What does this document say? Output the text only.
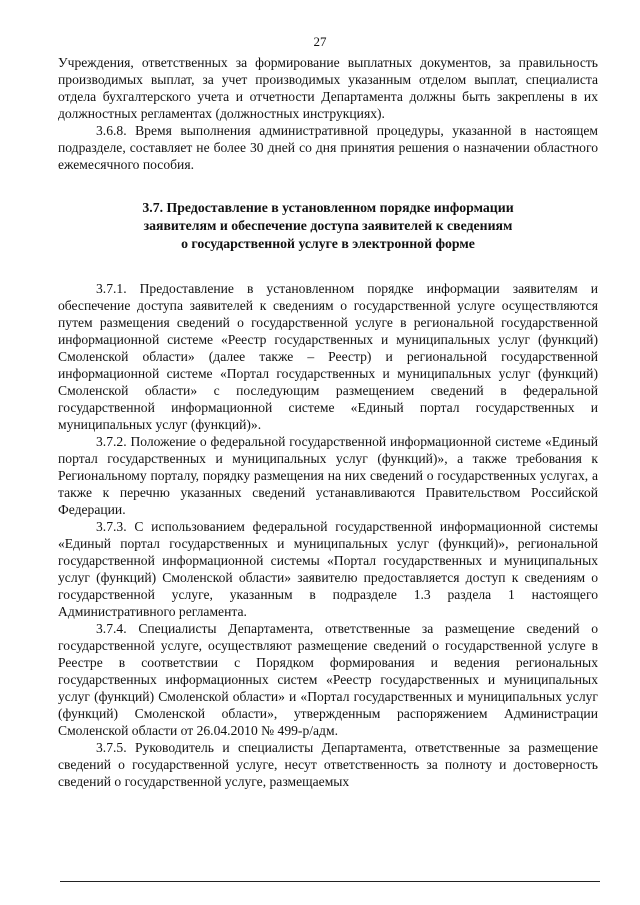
27

Учреждения, ответственных за формирование выплатных документов, за правильность производимых выплат, за учет производимых указанным отделом выплат, специалиста отдела бухгалтерского учета и отчетности Департамента должны быть закреплены в их должностных регламентах (должностных инструкциях).

3.6.8. Время выполнения административной процедуры, указанной в настоящем подразделе, составляет не более 30 дней со дня принятия решения о назначении областного ежемесячного пособия.

3.7. Предоставление в установленном порядке информации
заявителям и обеспечение доступа заявителей к сведениям
о государственной услуге в электронной форме

3.7.1. Предоставление в установленном порядке информации заявителям и обеспечение доступа заявителей к сведениям о государственной услуге осуществляются путем размещения сведений о государственной услуге в региональной государственной информационной системе «Реестр государственных и муниципальных услуг (функций) Смоленской области» (далее также – Реестр) и региональной государственной информационной системе «Портал государственных и муниципальных услуг (функций) Смоленской области» с последующим размещением сведений в федеральной государственной информационной системе «Единый портал государственных и муниципальных услуг (функций)».

3.7.2. Положение о федеральной государственной информационной системе «Единый портал государственных и муниципальных услуг (функций)», а также требования к Региональному порталу, порядку размещения на них сведений о государственных услугах, а также к перечню указанных сведений устанавливаются Правительством Российской Федерации.

3.7.3. С использованием федеральной государственной информационной системы «Единый портал государственных и муниципальных услуг (функций)», региональной государственной информационной системы «Портал государственных и муниципальных услуг (функций) Смоленской области» заявителю предоставляется доступ к сведениям о государственной услуге, указанным в подразделе 1.3 раздела 1 настоящего Административного регламента.

3.7.4. Специалисты Департамента, ответственные за размещение сведений о государственной услуге, осуществляют размещение сведений о государственной услуге в Реестре в соответствии с Порядком формирования и ведения региональных государственных информационных систем «Реестр государственных и муниципальных услуг (функций) Смоленской области» и «Портал государственных и муниципальных услуг (функций) Смоленской области», утвержденным распоряжением Администрации Смоленской области от 26.04.2010 № 499-р/адм.

3.7.5. Руководитель и специалисты Департамента, ответственные за размещение сведений о государственной услуге, несут ответственность за полноту и достоверность сведений о государственной услуге, размещаемых
